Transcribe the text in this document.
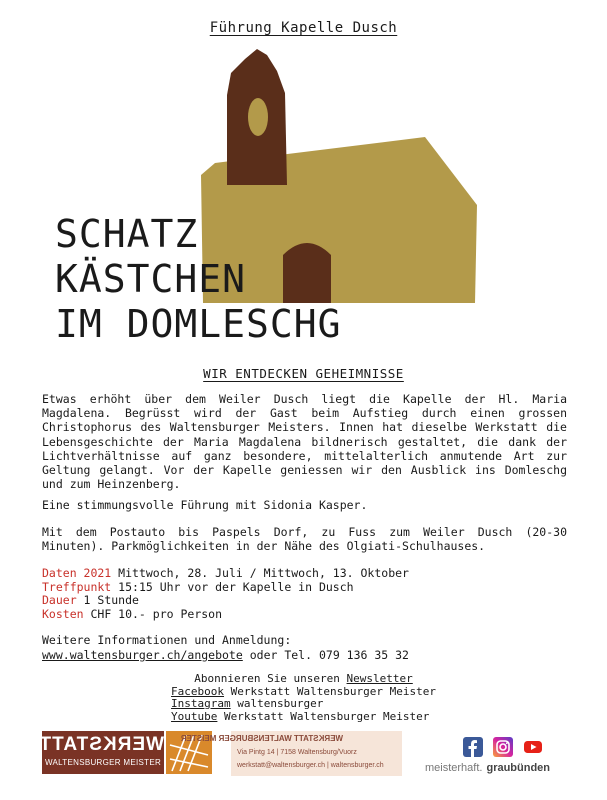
Führung Kapelle Dusch
SCHATZ
KÄSTCHEN
IM DOMLESCHG
WIR ENTDECKEN GEHEIMNISSE

Etwas erhöht über dem Weiler Dusch liegt die Kapelle der Hl. Maria Magdalena. Begrüsst wird der Gast beim Aufstieg durch einen grossen Christophorus des Waltensburger Meisters. Innen hat dieselbe Werkstatt die Lebensgeschichte der Maria Magdalena bildnerisch gestaltet, die dank der Lichtverhältnisse auf ganz besondere, mittelalterlich anmutende Art zur Geltung gelangt. Vor der Kapelle geniessen wir den Ausblick ins Domleschg und zum Heinzenberg.

Eine stimmungsvolle Führung mit Sidonia Kasper.

Mit dem Postauto bis Paspels Dorf, zu Fuss zum Weiler Dusch (20-30 Minuten). Parkmöglichkeiten in der Nähe des Olgiati-Schulhauses.

Daten 2021 Mittwoch, 28. Juli / Mittwoch, 13. Oktober
Treffpunkt 15:15 Uhr vor der Kapelle in Dusch
Dauer 1 Stunde
Kosten CHF 10.- pro Person
Weitere Informationen und Anmeldung:
www.waltensburger.ch/angebote oder Tel. 079 136 35 32
Abonnieren Sie unseren Newsletter
Facebook Werkstatt Waltensburger Meister
Instagram waltensburger
Youtube Werkstatt Waltensburger Meister
WERKSTATT
WALTENSBURGER MEISTER
WERKSTATT WALTENSBURGER MEISTER
Via Pintg 14 | 7158 Waltensburg/Vuorz
werkstatt@waltensburger.ch | waltensburger.ch	meisterhaft. graubünden
